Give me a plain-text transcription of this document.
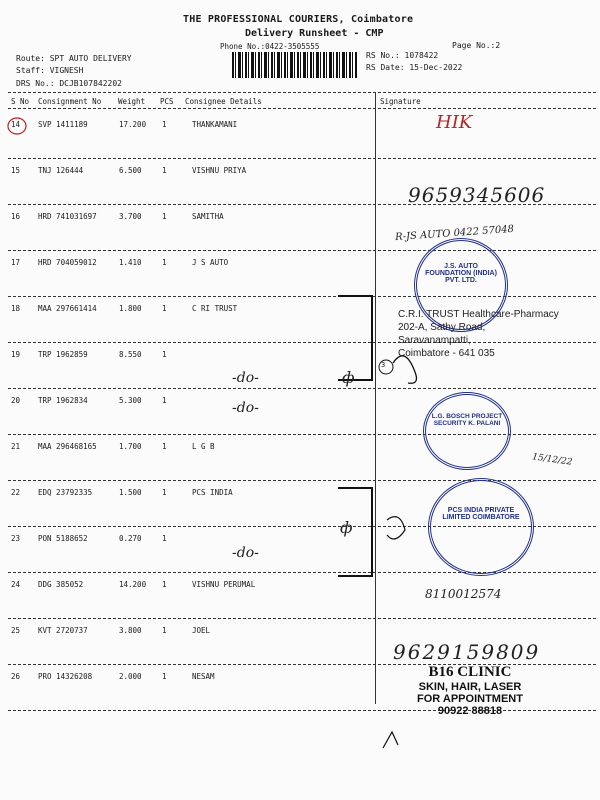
THE PROFESSIONAL COURIERS, Coimbatore
Delivery Runsheet - CMP
Phone No.:0422-3505555	Page No.:2
Route: SPT AUTO DELIVERY
Staff: VIGNESH
DRS No.: DCJB107842202
RS No.: 1078422
RS Date: 15-Dec-2022
S No Consignment No Weight PCS Consignee Details	Signature
14 SVP 1411189	17.200 1	THANKAMANI
15 TNJ 126444	6.500	1	VISHNU PRIYA
16 HRD 741031697	3.700	1	SAMITHA
17 HRD 704059012	1.410	1	J S AUTO
18 MAA 297661414	1.800	1	C RI TRUST
19 TRP 1962859	8.550	1
20 TRP 1962834	5.300	1
21 MAA 296468165	1.700	1	L G B
22 EDQ 23792335	1.500	1	PCS INDIA
23 PON 5188652	0.270	1
24 DDG 385052	14.200 1	VISHNU PERUMAL
25 KVT 2720737	3.800	1	JOEL
26 PRO 14326208	2.000	1	NESAM
HIK
9659345606
R-JS AUTO 0422 57048
-do-
-do-
-do-
ф
ф
3
15/12/22
8110012574
9629159809
J.S. AUTO FOUNDATION (INDIA) PVT. LTD.
C.R.I. TRUST Healthcare-Pharmacy
202-A, Sathy Road,
Saravanampatti,
Coimbatore - 641 035
L.G. BOSCH PROJECT SECURITY K. PALANI
PCS INDIA PRIVATE LIMITED COIMBATORE
B16 CLINIC
SKIN, HAIR, LASER
FOR APPOINTMENT
90922 88818
